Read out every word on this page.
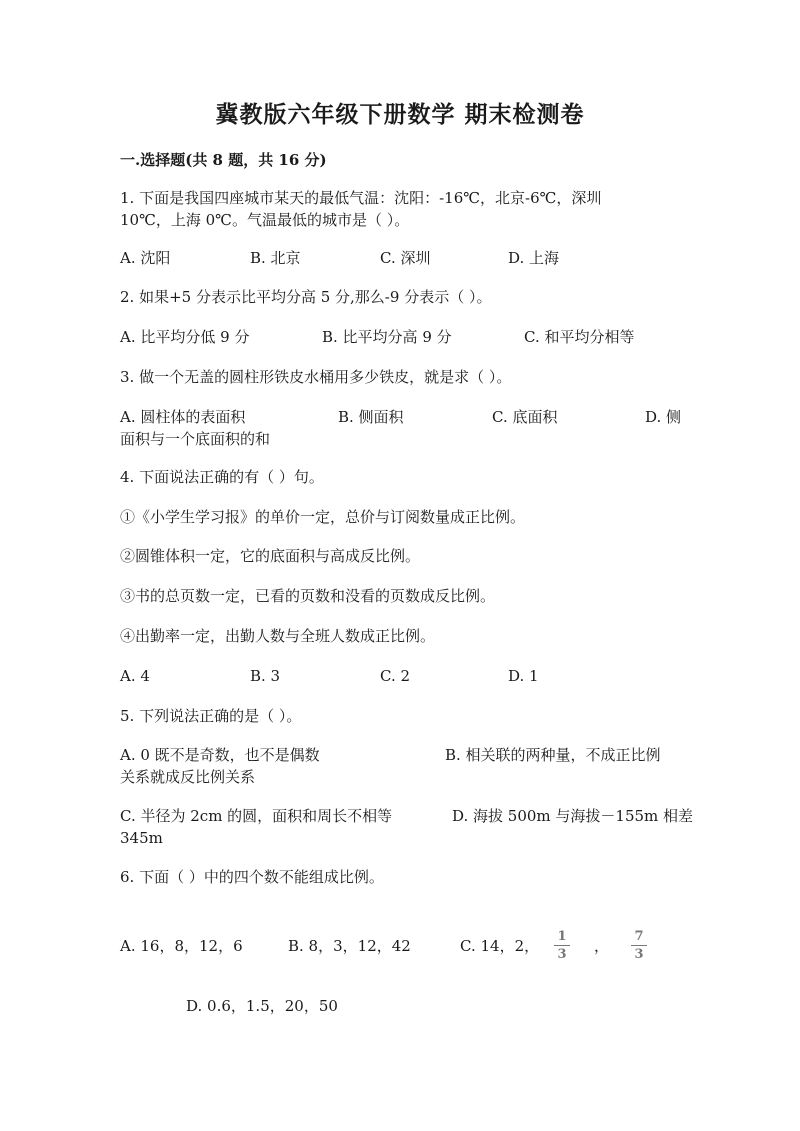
冀教版六年级下册数学 期末检测卷
一.选择题(共 8 题，共 16 分)
1. 下面是我国四座城市某天的最低气温：沈阳：-16℃，北京-6℃，深圳
10℃，上海 0℃。气温最低的城市是（ ）。
A. 沈阳	B. 北京	C. 深圳	D. 上海
2. 如果+5 分表示比平均分高 5 分,那么-9 分表示（ ）。
A. 比平均分低 9 分	B. 比平均分高 9 分	C. 和平均分相等
3. 做一个无盖的圆柱形铁皮水桶用多少铁皮，就是求（ ）。
A. 圆柱体的表面积	B. 侧面积	C. 底面积	D. 侧
面积与一个底面积的和
4. 下面说法正确的有（ ）句。
①《小学生学习报》的单价一定，总价与订阅数量成正比例。
②圆锥体积一定，它的底面积与高成反比例。
③书的总页数一定，已看的页数和没看的页数成反比例。
④出勤率一定，出勤人数与全班人数成正比例。
A. 4	B. 3	C. 2	D. 1
5. 下列说法正确的是（ ）。
A. 0 既不是奇数，也不是偶数	B. 相关联的两种量，不成正比例
关系就成反比例关系
C. 半径为 2cm 的圆，面积和周长不相等	D. 海拔 500m 与海拔－155m 相差
345m
6. 下面（ ）中的四个数不能组成比例。
A. 16，8，12，6	B. 8，3，12，42	C. 14，2，
1
3	，
7
3
D. 0.6，1.5，20，50
